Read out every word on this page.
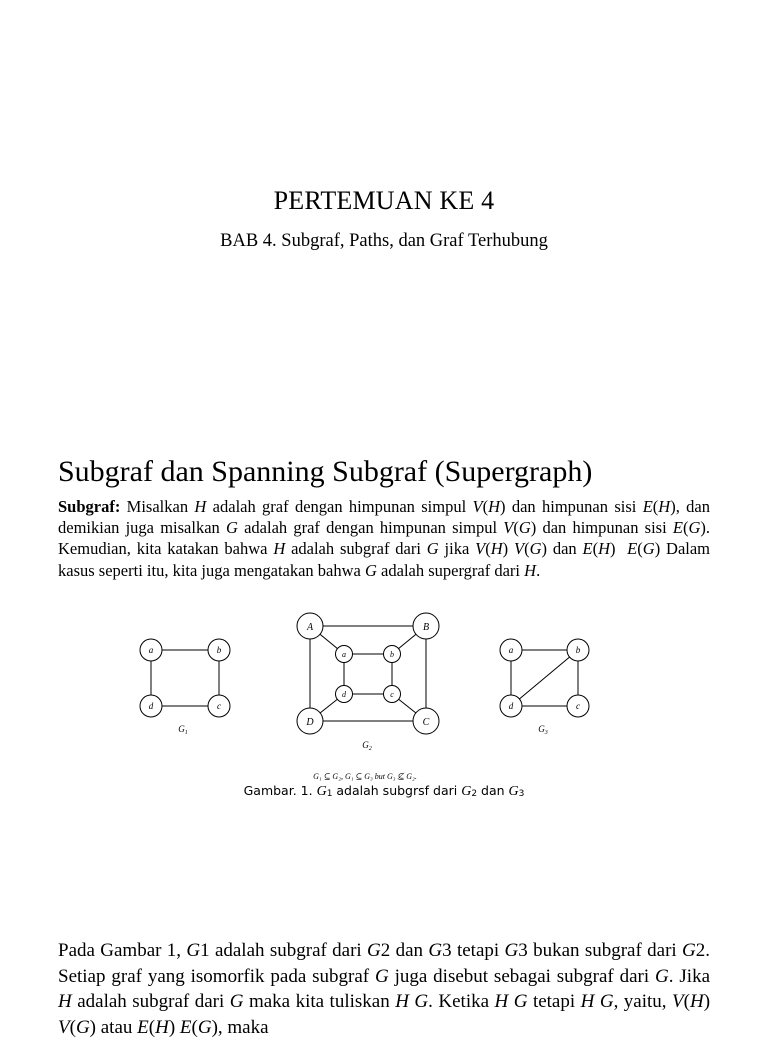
PERTEMUAN KE 4
BAB 4. Subgraf, Paths, dan Graf Terhubung
Subgraf dan Spanning Subgraf (Supergraph)

Subgraf: Misalkan H adalah graf dengan himpunan simpul V(H) dan himpunan sisi E(H), dan demikian juga misalkan G adalah graf dengan himpunan simpul V(G) dan himpunan sisi E(G). Kemudian, kita katakan bahwa H adalah subgraf dari G jika V(H) V(G) dan E(H)  E(G) Dalam kasus seperti itu, kita juga mengatakan bahwa G adalah supergraf dari H.

a	b
c
d
A	B
C
D
a	b
c
d
a	b
c
d
$G_1$
$G_2$
$G_3$
G₁ ⊆ G₂, G₁ ⊆ G₃ but G₃ ⊈ G₂.
Gambar. 1. G1 adalah subgrsf dari G2 dan G3

Pada Gambar 1, G1 adalah subgraf dari G2 dan G3 tetapi G3 bukan subgraf dari G2. Setiap graf yang isomorfik pada subgraf G juga disebut sebagai subgraf dari G. Jika H adalah subgraf dari G maka kita tuliskan H G. Ketika H G tetapi H G, yaitu, V(H) V(G) atau E(H) E(G), maka
